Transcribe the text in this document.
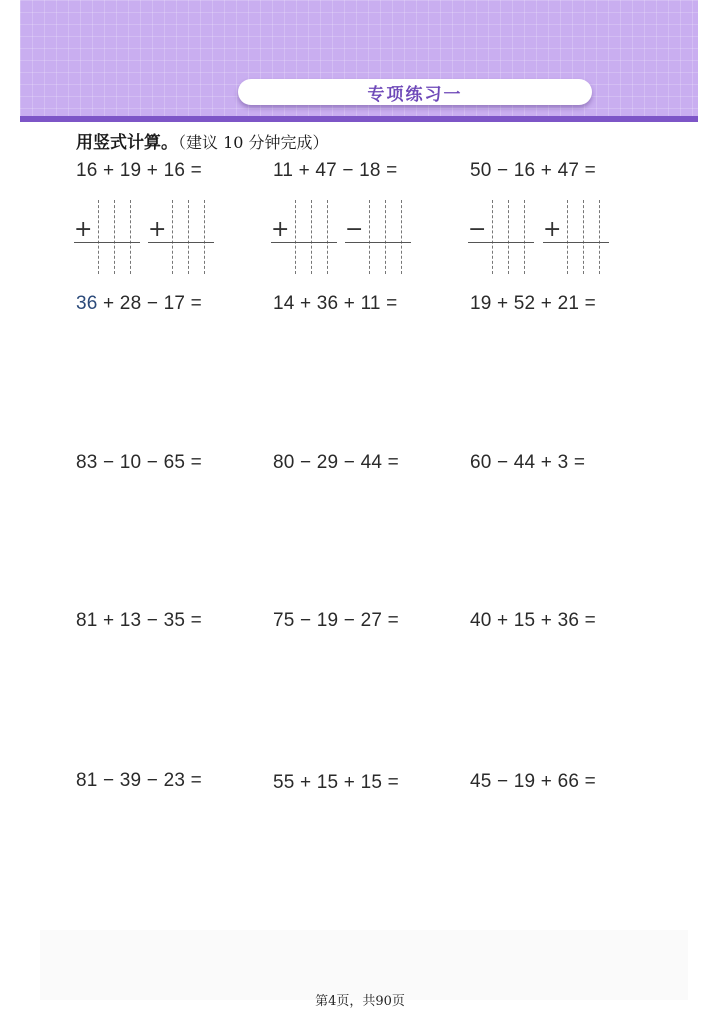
专项练习一
用竖式计算。（建议 10 分钟完成）
16 + 19 + 16 =	11 + 47 − 18 =	50 − 16 + 47 =
+	+	+	−	−	+
36 + 28 − 17 =	14 + 36 + 11 =	19 + 52 + 21 =
83 − 10 − 65 =	80 − 29 − 44 =	60 − 44 + 3 =
81 + 13 − 35 =	75 − 19 − 27 =	40 + 15 + 36 =
81 − 39 − 23 =	55 + 15 + 15 =	45 − 19 + 66 =
第4页，共90页
